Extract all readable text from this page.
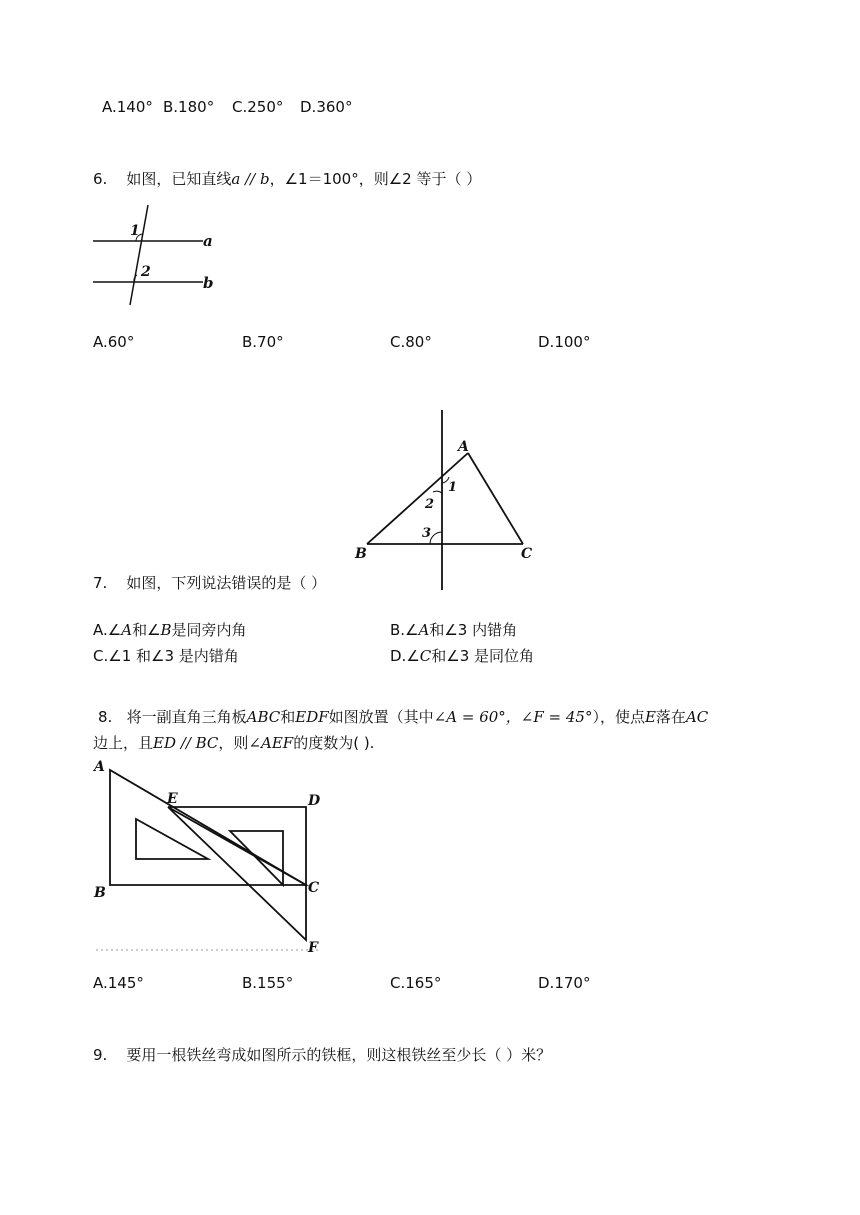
A.140° B.180° C.250° D.360°
6. 如图，已知直线a // b，∠1＝100°，则∠2 等于（ ）
1
2
a
b
A.60°	B.70°	C.80°	D.100°
A
B	C
1
2
3
7. 如图，下列说法错误的是（ ）
A.∠A和∠B是同旁内角	B.∠A和∠3 内错角
C.∠1 和∠3 是内错角	D.∠C和∠3 是同位角
8. 将一副直角三角板ABC和EDF如图放置（其中∠A = 60°，∠F = 45°），使点E落在AC
边上，且ED // BC，则∠AEF的度数为( ).
A
B	C
D
E
F
A.145°	B.155°	C.165°	D.170°
9. 要用一根铁丝弯成如图所示的铁框，则这根铁丝至少长（ ）米？
